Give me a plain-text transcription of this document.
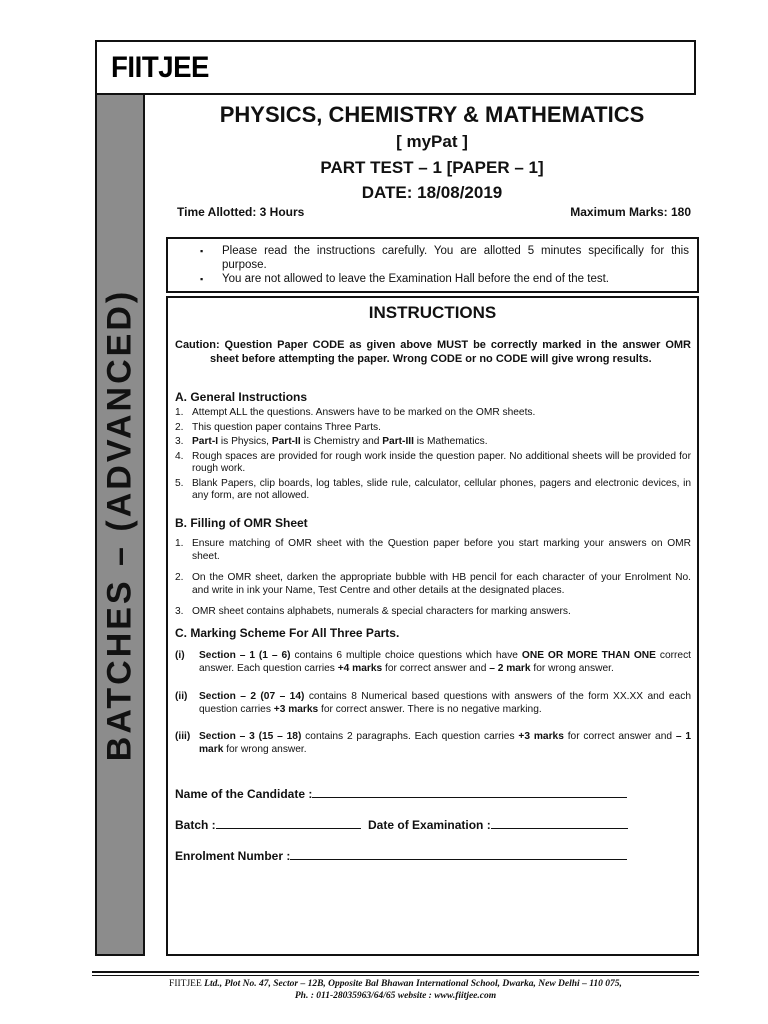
FIITJEE
BATCHES – (ADVANCED)
PHYSICS, CHEMISTRY & MATHEMATICS
[ myPat ]
PART TEST – 1 [PAPER – 1]
DATE: 18/08/2019
Time Allotted: 3 Hours	Maximum Marks: 180
▪ Please read the instructions carefully. You are allotted 5 minutes specifically for this purpose.
▪ You are not allowed to leave the Examination Hall before the end of the test.
INSTRUCTIONS
Caution: Question Paper CODE as given above MUST be correctly marked in the answer OMR sheet before attempting the paper. Wrong CODE or no CODE will give wrong results.
A. General Instructions
1. Attempt ALL the questions. Answers have to be marked on the OMR sheets.
2. This question paper contains Three Parts.
3. Part-I is Physics, Part-II is Chemistry and Part-III is Mathematics.
4. Rough spaces are provided for rough work inside the question paper. No additional sheets will be provided for rough work.
5. Blank Papers, clip boards, log tables, slide rule, calculator, cellular phones, pagers and electronic devices, in any form, are not allowed.
B. Filling of OMR Sheet
1. Ensure matching of OMR sheet with the Question paper before you start marking your answers on OMR sheet.
2. On the OMR sheet, darken the appropriate bubble with HB pencil for each character of your Enrolment No. and write in ink your Name, Test Centre and other details at the designated places.
3. OMR sheet contains alphabets, numerals & special characters for marking answers.
C. Marking Scheme For All Three Parts.
(i) Section – 1 (1 – 6) contains 6 multiple choice questions which have ONE OR MORE THAN ONE correct answer. Each question carries +4 marks for correct answer and – 2 mark for wrong answer.
(ii) Section – 2 (07 – 14) contains 8 Numerical based questions with answers of the form XX.XX and each question carries +3 marks for correct answer. There is no negative marking.
(iii) Section – 3 (15 – 18) contains 2 paragraphs. Each question carries +3 marks for correct answer and – 1 mark for wrong answer.
Name of the Candidate :
Batch :	Date of Examination :
Enrolment Number :
FIITJEE Ltd., Plot No. 47, Sector – 12B, Opposite Bal Bhawan International School, Dwarka, New Delhi – 110 075,
Ph. : 011-28035963/64/65 website : www.fiitjee.com
